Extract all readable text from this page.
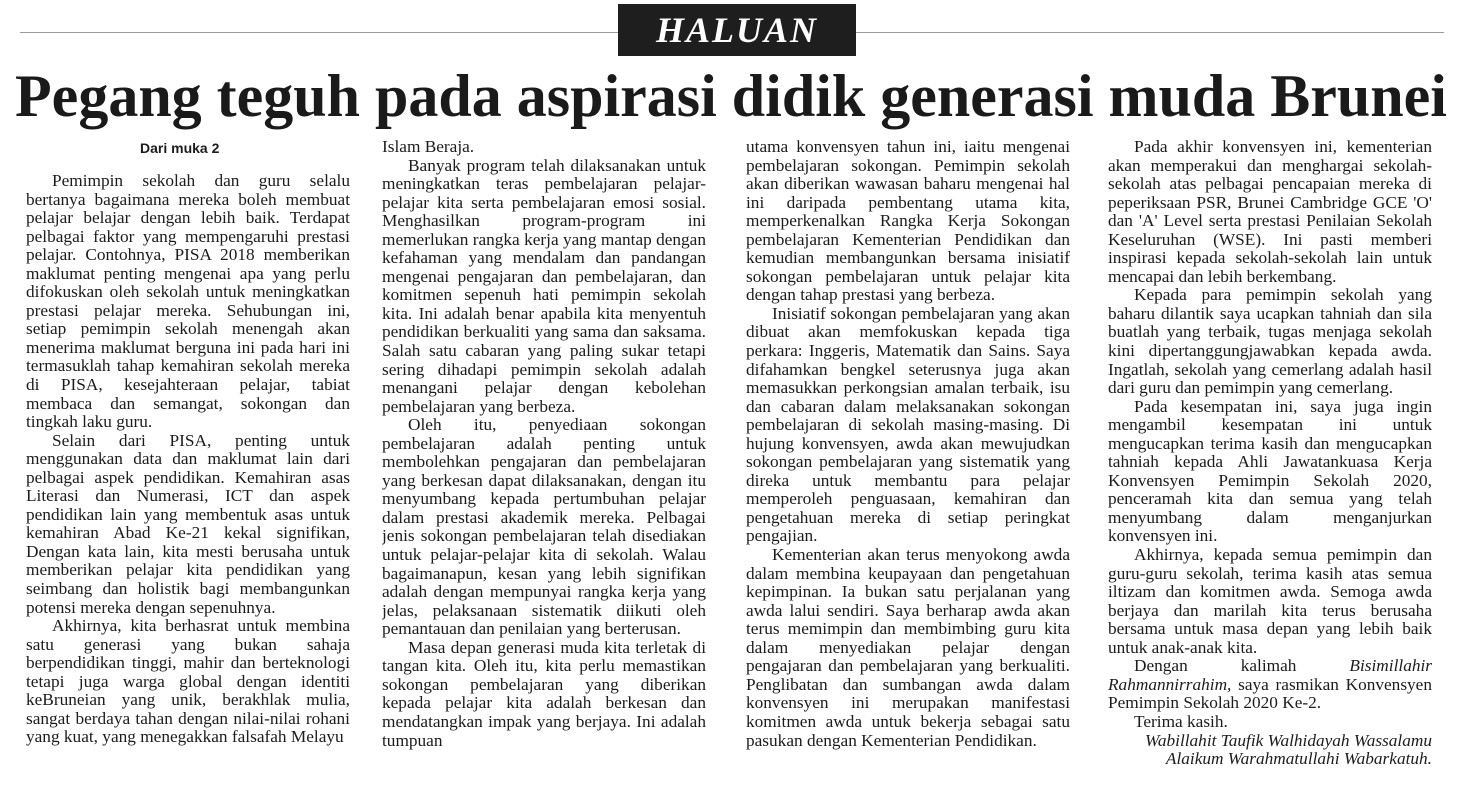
HALUAN
Pegang teguh pada aspirasi didik generasi muda Brunei
Dari muka 2

Pemimpin sekolah dan guru selalu bertanya bagaimana mereka boleh membuat pelajar belajar dengan lebih baik. Terdapat pelbagai faktor yang mempengaruhi prestasi pelajar. Contohnya, PISA 2018 memberikan maklumat penting mengenai apa yang perlu difokuskan oleh sekolah untuk meningkatkan prestasi pelajar mereka. Sehubungan ini, setiap pemimpin sekolah menengah akan menerima maklumat berguna ini pada hari ini termasuklah tahap kemahiran sekolah mereka di PISA, kesejahteraan pelajar, tabiat membaca dan semangat, sokongan dan tingkah laku guru.

Selain dari PISA, penting untuk menggunakan data dan maklumat lain dari pelbagai aspek pendidikan. Kemahiran asas Literasi dan Numerasi, ICT dan aspek pendidikan lain yang membentuk asas untuk kemahiran Abad Ke-21 kekal signifikan, Dengan kata lain, kita mesti berusaha untuk memberikan pelajar kita pendidikan yang seimbang dan holistik bagi membangunkan potensi mereka dengan sepenuhnya.

Akhirnya, kita berhasrat untuk membina satu generasi yang bukan sahaja berpendidikan tinggi, mahir dan berteknologi tetapi juga warga global dengan identiti keBruneian yang unik, berakhlak mulia, sangat berdaya tahan dengan nilai-nilai rohani yang kuat, yang menegakkan falsafah Melayu

Islam Beraja.

Banyak program telah dilaksanakan untuk meningkatkan teras pembelajaran pelajar-pelajar kita serta pembelajaran emosi sosial. Menghasilkan program-program ini memerlukan rangka kerja yang mantap dengan kefahaman yang mendalam dan pandangan mengenai pengajaran dan pembelajaran, dan komitmen sepenuh hati pemimpin sekolah kita. Ini adalah benar apabila kita menyentuh pendidikan berkualiti yang sama dan saksama. Salah satu cabaran yang paling sukar tetapi sering dihadapi pemimpin sekolah adalah menangani pelajar dengan kebolehan pembelajaran yang berbeza.

Oleh itu, penyediaan sokongan pembelajaran adalah penting untuk membolehkan pengajaran dan pembelajaran yang berkesan dapat dilaksanakan, dengan itu menyumbang kepada pertumbuhan pelajar dalam prestasi akademik mereka. Pelbagai jenis sokongan pembelajaran telah disediakan untuk pelajar-pelajar kita di sekolah. Walau bagaimanapun, kesan yang lebih signifikan adalah dengan mempunyai rangka kerja yang jelas, pelaksanaan sistematik diikuti oleh pemantauan dan penilaian yang berterusan.

Masa depan generasi muda kita terletak di tangan kita. Oleh itu, kita perlu memastikan sokongan pembelajaran yang diberikan kepada pelajar kita adalah berkesan dan mendatangkan impak yang berjaya. Ini adalah tumpuan

utama konvensyen tahun ini, iaitu mengenai pembelajaran sokongan. Pemimpin sekolah akan diberikan wawasan baharu mengenai hal ini daripada pembentang utama kita, memperkenalkan Rangka Kerja Sokongan pembelajaran Kementerian Pendidikan dan kemudian membangunkan bersama inisiatif sokongan pembelajaran untuk pelajar kita dengan tahap prestasi yang berbeza.

Inisiatif sokongan pembelajaran yang akan dibuat akan memfokuskan kepada tiga perkara: Inggeris, Matematik dan Sains. Saya difahamkan bengkel seterusnya juga akan memasukkan perkongsian amalan terbaik, isu dan cabaran dalam melaksanakan sokongan pembelajaran di sekolah masing-masing. Di hujung konvensyen, awda akan mewujudkan sokongan pembelajaran yang sistematik yang direka untuk membantu para pelajar memperoleh penguasaan, kemahiran dan pengetahuan mereka di setiap peringkat pengajian.

Kementerian akan terus menyokong awda dalam membina keupayaan dan pengetahuan kepimpinan. Ia bukan satu perjalanan yang awda lalui sendiri. Saya berharap awda akan terus memimpin dan membimbing guru kita dalam menyediakan pelajar dengan pengajaran dan pembelajaran yang berkualiti. Penglibatan dan sumbangan awda dalam konvensyen ini merupakan manifestasi komitmen awda untuk bekerja sebagai satu pasukan dengan Kementerian Pendidikan.

Pada akhir konvensyen ini, kementerian akan memperakui dan menghargai sekolah-sekolah atas pelbagai pencapaian mereka di peperiksaan PSR, Brunei Cambridge GCE 'O' dan 'A' Level serta prestasi Penilaian Sekolah Keseluruhan (WSE). Ini pasti memberi inspirasi kepada sekolah-sekolah lain untuk mencapai dan lebih berkembang.

Kepada para pemimpin sekolah yang baharu dilantik saya ucapkan tahniah dan sila buatlah yang terbaik, tugas menjaga sekolah kini dipertanggungjawabkan kepada awda. Ingatlah, sekolah yang cemerlang adalah hasil dari guru dan pemimpin yang cemerlang.

Pada kesempatan ini, saya juga ingin mengambil kesempatan ini untuk mengucapkan terima kasih dan mengucapkan tahniah kepada Ahli Jawatankuasa Kerja Konvensyen Pemimpin Sekolah 2020, penceramah kita dan semua yang telah menyumbang dalam menganjurkan konvensyen ini.

Akhirnya, kepada semua pemimpin dan guru-guru sekolah, terima kasih atas semua iltizam dan komitmen awda. Semoga awda berjaya dan marilah kita terus berusaha bersama untuk masa depan yang lebih baik untuk anak-anak kita.

Dengan kalimah	Bisimillahir Rahmannirrahim, saya rasmikan Konvensyen Pemimpin Sekolah 2020 Ke-2.

Terima kasih.

Wabillahit Taufik Walhidayah Wassalamu Alaikum Warahmatullahi Wabarkatuh.
